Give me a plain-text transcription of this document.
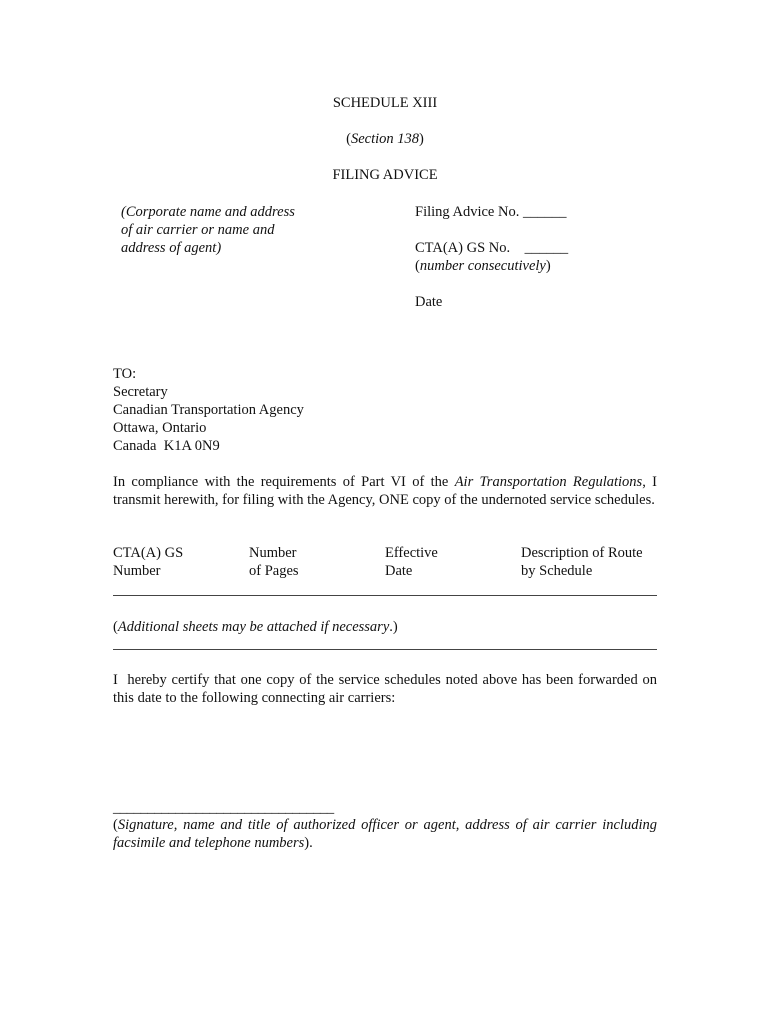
SCHEDULE XIII
(Section 138)
FILING ADVICE
(Corporate name and address
of air carrier or name and
address of agent)
Filing Advice No. ______
CTA(A) GS No.    ______
(number consecutively)
Date
TO:
Secretary
Canadian Transportation Agency
Ottawa, Ontario
Canada  K1A 0N9
In compliance with the requirements of Part VI of the Air Transportation Regulations, I transmit herewith, for filing with the Agency, ONE copy of the undernoted service schedules.
CTA(A) GS
Number
Number
of Pages
Effective
Date
Description of Route
by Schedule
(Additional sheets may be attached if necessary.)
I  hereby certify that one copy of the service schedules noted above has been forwarded on this date to the following connecting air carriers:
________________________________
(Signature, name and title of authorized officer or agent, address of air carrier including facsimile and telephone numbers).
